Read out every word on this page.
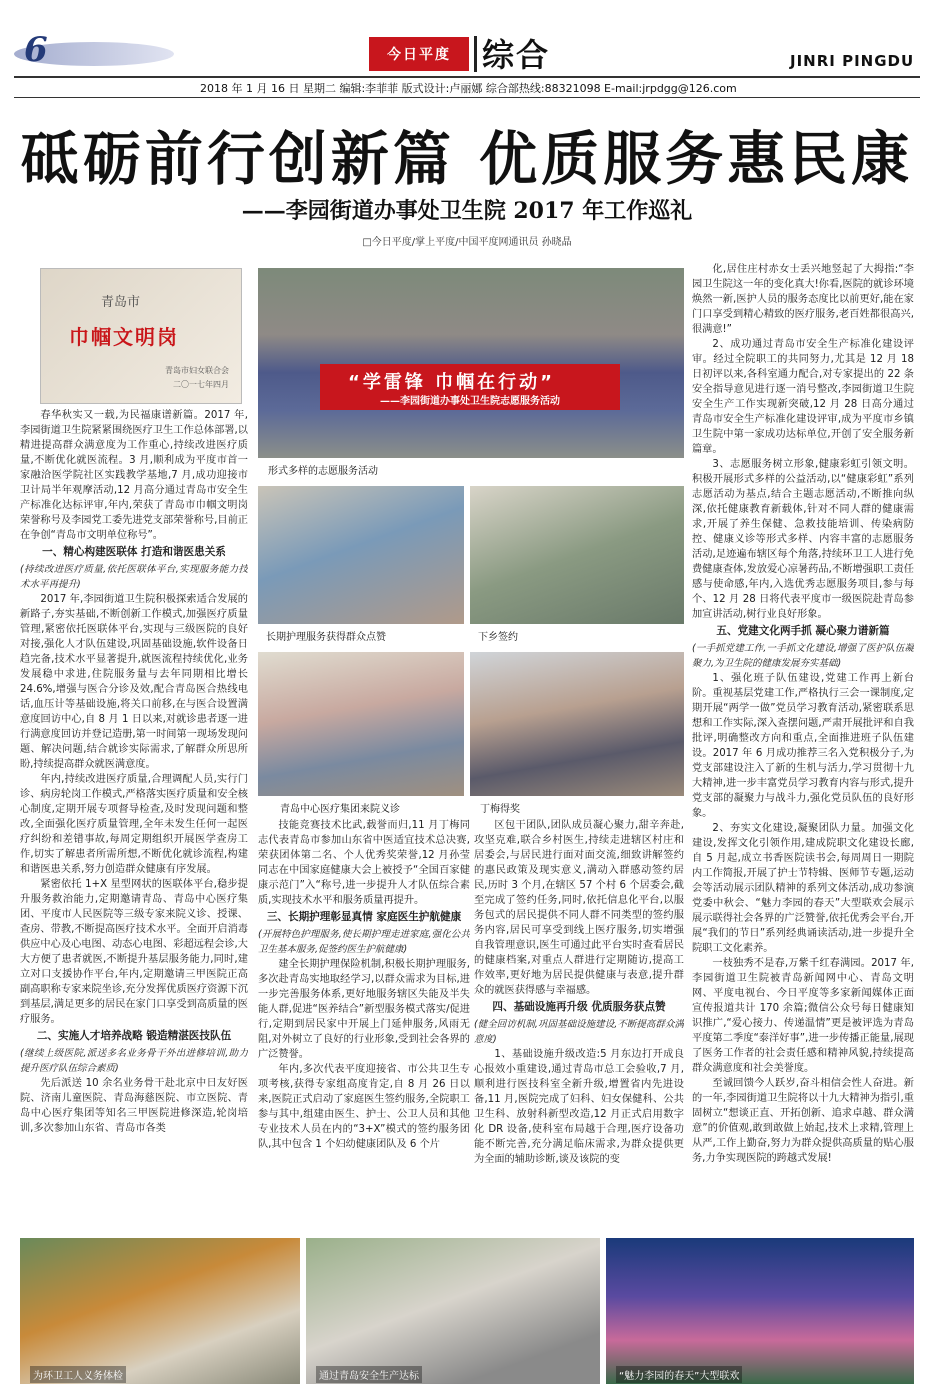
6	今日平度 综合	JINRI PINGDU
2018 年 1 月 16 日 星期二 编辑:李菲菲 版式设计:卢丽娜 综合部热线:88321098 E-mail:jrpdgg@126.com
砥砺前行创新篇 优质服务惠民康
——李园街道办事处卫生院 2017 年工作巡礼
□今日平度/掌上平度/中国平度网通讯员 孙晓晶
青岛市
巾帼文明岗
青岛市妇女联合会
二〇一七年四月	“学雷锋 巾帼在行动”
——李园街道办事处卫生院志愿服务活动
形式多样的志愿服务活动
长期护理服务获得群众点赞	下乡签约
青岛中心医疗集团来院义诊	丁梅得奖

春华秋实又一载,为民福康谱新篇。2017 年,李园街道卫生院紧紧围绕医疗卫生工作总体部署,以精进提高群众满意度为工作重心,持续改进医疗质量,不断优化就医流程。3 月,顺利成为平度市首一家融洽医学院社区实践教学基地,7 月,成功迎接市卫计局半年观摩活动,12 月高分通过青岛市安全生产标准化达标评审,年内,荣获了青岛市巾帼文明岗荣誉称号及李园党工委先进党支部荣誉称号,目前正在争创“青岛市文明单位称号”。

一、精心构建医联体 打造和谐医患关系

(持续改进医疗质量,依托医联体平台,实现服务能力技术水平再提升)

2017 年,李园街道卫生院积极探索适合发展的新路子,夯实基础,不断创新工作模式,加强医疗质量管理,紧密依托医联体平台,实现与三级医院的良好对接,强化人才队伍建设,巩固基础设施,软件设备日趋完备,技术水平显著提升,就医流程持续优化,业务发展稳中求进,住院服务量与去年同期相比增长 24.6%,增强与医合分诊及效,配合青岛医合热线电话,血压计等基础设施,将关口前移,在与医合设置满意度回访中心,自 8 月 1 日以来,对就诊患者逐一进行满意度回访并登记造册,第一时间第一现场发现问题、解决问题,结合就诊实际需求,了解群众所思所盼,持续提高群众就医满意度。

年内,持续改进医疗质量,合理调配人员,实行门诊、病房轮岗工作模式,严格落实医疗质量和安全核心制度,定期开展专项督导检查,及时发现问题和整改,全面强化医疗质量管理,全年未发生任何一起医疗纠纷和差错事故,每周定期组织开展医学查房工作,切实了解患者所需所想,不断优化就诊流程,构建和谐医患关系,努力创造群众健康有序发展。

紧密依托 1+X 星型网状的医联体平台,稳步提升服务救治能力,定期邀请青岛、青岛中心医疗集团、平度市人民医院等三级专家来院义诊、授课、查房、带教,不断提高医疗技术水平。全面开启消毒供应中心及心电图、动态心电图、彩超远程会诊,大大方便了患者就医,不断提升基层服务能力,同时,建立对口支援协作平台,年内,定期邀请三甲医院正高副高职称专家来院坐诊,充分发挥优质医疗资源下沉到基层,满足更多的居民在家门口享受到高质量的医疗服务。

二、实施人才培养战略 锻造精湛医技队伍

(继续上级医院,派送多名业务骨干外出进修培训,助力提升医疗队伍综合素质)

先后派送 10 余名业务骨干赴北京中日友好医院、济南儿童医院、青岛海慈医院、市立医院、青岛中心医疗集团等知名三甲医院进修深造,轮岗培训,多次参加山东省、青岛市各类

技能竞赛技术比武,载誉而归,11 月丁梅同志代表青岛市参加山东省中医适宜技术总决赛,荣获团体第二名、个人优秀奖荣誉,12 月孙莹同志在中国家庭健康大会上被授予“全国百家健康示范门”入“称号,进一步提升人才队伍综合素质,实现技术水平和服务质量再提升。

三、长期护理彰显真情 家庭医生护航健康

(开展特色护理服务,使长期护理走进家庭,强化公共卫生基本服务,促签约医生护航健康)

建全长期护理保险机制,积极长期护理服务,多次赴青岛实地取经学习,以群众需求为目标,进一步完善服务体系,更好地服务辖区失能及半失能人群,促进“医养结合”新型服务模式落实/促进行,定期到居民家中开展上门延伸服务,风雨无阻,对外树立了良好的行业形象,受到社会各界的广泛赞誉。

年内,多次代表平度迎接省、市公共卫生专项考核,获得专家组高度肯定,自 8 月 26 日以来,医院正式启动了家庭医生签约服务,全院职工参与其中,组建由医生、护士、公卫人员和其他专业技术人员在内的“3+X”模式的签约服务团队,其中包含 1 个妇幼健康团队及 6 个片

区包干团队,团队成员凝心聚力,甜辛奔赴,攻坚克难,联合乡村医生,持续走进辖区村庄和居委会,与居民进行面对面交流,细致讲解签约的惠民政策及现实意义,满动入群感动签约居民,历时 3 个月,在辖区 57 个村 6 个居委会,截至完成了签约任务,同时,依托信息化平台,以服务包式的居民提供不同人群不同类型的签约服务内容,居民可享受到线上医疗服务,切实增强自我管理意识,医生可通过此平台实时查看居民的健康档案,对重点人群进行定期随访,提高工作效率,更好地为居民提供健康与表意,提升群众的就医获得感与幸福感。

四、基础设施再升级 优质服务获点赞

(健全回访机制,巩固基础设施建设,不断提高群众满意度)

1、基础设施升级改造:5 月东边打开成良心报效小重建设,通过青岛市总工会验收,7 月,顺利进行医技科室全新升级,增置省内先进设备,11 月,医院完成了妇科、妇女保健科、公共卫生科、放射科新型改造,12 月正式启用数字化 DR 设备,使科室布局越于合理,医疗设备功能不断完善,充分满足临床需求,为群众提供更为全面的辅助诊断,谈及该院的变

化,居住庄村赤女士丢兴地竖起了大拇指:“李园卫生院这一年的变化真大!你看,医院的就诊环境焕然一新,医护人员的服务态度比以前更好,能在家门口享受到精心精致的医疗服务,老百姓都很高兴,很满意!”

2、成功通过青岛市安全生产标准化建设评审。经过全院职工的共同努力,尤其是 12 月 18 日初评以来,各科室通力配合,对专家提出的 22 条安全指导意见进行逐一消号整改,李园街道卫生院安全生产工作实现新突破,12 月 28 日高分通过青岛市安全生产标准化建设评审,成为平度市乡镇卫生院中第一家成功达标单位,开创了安全服务新篇章。

3、志愿服务树立形象,健康彩虹引领文明。积极开展形式多样的公益活动,以“健康彩虹”系列志愿活动为基点,结合主题志愿活动,不断推向纵深,依托健康教育新载体,针对不同人群的健康需求,开展了养生保健、急救技能培训、传染病防控、健康义诊等形式多样、内容丰富的志愿服务活动,足迹遍布辖区每个角落,持续环卫工人进行免费健康查体,发放爱心凉暑药品,不断增强职工责任感与使命感,年内,入选优秀志愿服务项目,参与每个、12 月 28 日将代表平度市一级医院赴青岛参加宣讲活动,树行业良好形象。

五、党建文化两手抓 凝心聚力谱新篇

(一手抓党建工作,一手抓文化建设,增强了医护队伍凝聚力,为卫生院的健康发展夯实基础)

1、强化班子队伍建设,党建工作再上新台阶。重视基层党建工作,严格执行三会一课制度,定期开展“两学一做”党员学习教育活动,紧密联系思想和工作实际,深入查摆问题,严肃开展批评和自我批评,明确整改方向和重点,全面推进班子队伍建设。2017 年 6 月成功推荐三名入党积极分子,为党支部建设注入了新的生机与活力,学习贯彻十九大精神,进一步丰富党员学习教育内容与形式,提升党支部的凝聚力与战斗力,强化党员队伍的良好形象。

2、夯实文化建设,凝聚团队力量。加强文化建设,发挥文化引领作用,建成院职文化建设长廊,自 5 月起,成立书香医院读书会,每周周日一期院内工作简报,开展了护士节特辑、医师节专题,运动会等活动展示团队精神的系列文体活动,成功参演党委中秋会、“魅力李园的春天”大型联欢会展示展示联得社会各界的广泛赞誉,依托优秀会平台,开展“我们的节日”系列经典诵读活动,进一步提升全院职工文化素养。

一枝独秀不是春,万紫千红春满园。2017 年,李园街道卫生院被青岛新闻网中心、青岛文明网、平度电视台、今日平度等多家新闻媒体正面宣传报道共计 170 余篇;微信公众号每日健康知识推广,“爱心接力、传递温情”更是被评选为青岛平度第二季度“泰洋好事”,进一步传播正能量,展现了医务工作者的社会责任感和精神风貌,持续提高群众满意度和社会美誉度。

至诚回馈今人跃岁,奋斗相信会性人奋进。新的一年,李园街道卫生院将以十九大精神为指引,重固树立“想谈正直、开拓创新、追求卓越、群众满意”的价值观,敢到敢做上始起,技术上求精,管理上从严,工作上勤奋,努力为群众提供高质量的贴心服务,力争实现医院的跨越式发展!

为环卫工人义务体检	通过青岛安全生产达标	“魅力李园的春天”大型联欢
